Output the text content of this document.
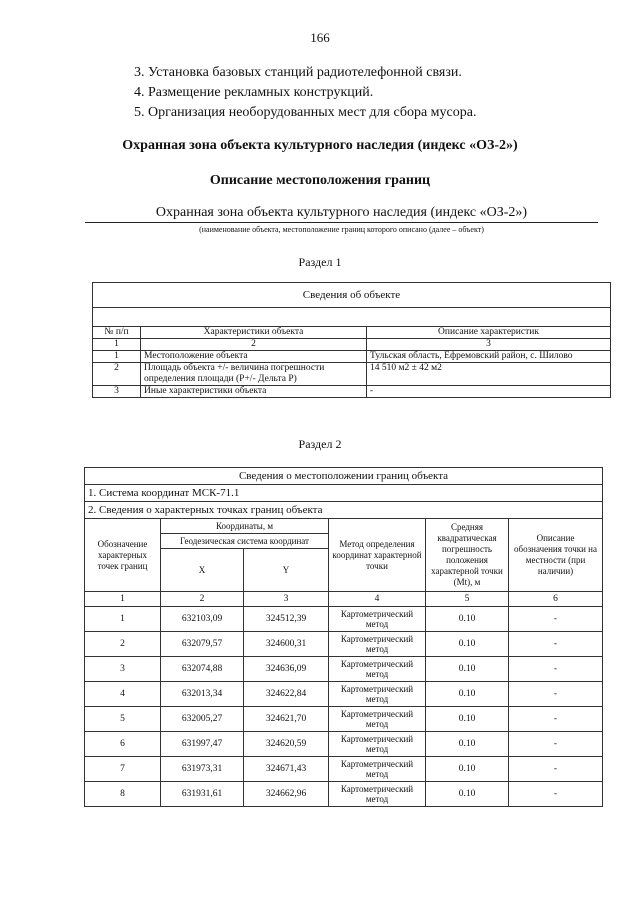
166
3. Установка базовых станций радиотелефонной связи.
4. Размещение рекламных конструкций.
5. Организация необорудованных мест для сбора мусора.
Охранная зона объекта культурного наследия (индекс «ОЗ-2»)
Описание местоположения границ
Охранная зона объекта культурного наследия (индекс «ОЗ-2»)
(наименование объекта, местоположение границ которого описано (далее – объект)
Раздел 1
Сведения об объекте		

№ п/п	Характеристики объекта	Описание характеристик
1	2	3
1	Местоположение объекта	Тульская область, Ефремовский район, с. Шилово
2	Площадь объекта +/- величина погрешности определения площади (P+/- Дельта P)	14 510 м2 ± 42 м2
3	Иные характеристики объекта	-
Раздел 2
Сведения о местоположении границ объекта					
1. Система координат МСК-71.1					
2. Сведения о характерных точках границ объекта					
Обозначение характерных точек границ	Координаты, м		Метод определения координат характерной точки	Средняя квадратическая погрешность положения характерной точки (Mt), м	Описание обозначения точки на местности (при наличии)
	Геодезическая система координат				
	X	Y			
1	2	3	4	5	6
1	632103,09	324512,39	Картометрический метод	0.10	-
2	632079,57	324600,31	Картометрический метод	0.10	-
3	632074,88	324636,09	Картометрический метод	0.10	-
4	632013,34	324622,84	Картометрический метод	0.10	-
5	632005,27	324621,70	Картометрический метод	0.10	-
6	631997,47	324620,59	Картометрический метод	0.10	-
7	631973,31	324671,43	Картометрический метод	0.10	-
8	631931,61	324662,96	Картометрический метод	0.10	-
